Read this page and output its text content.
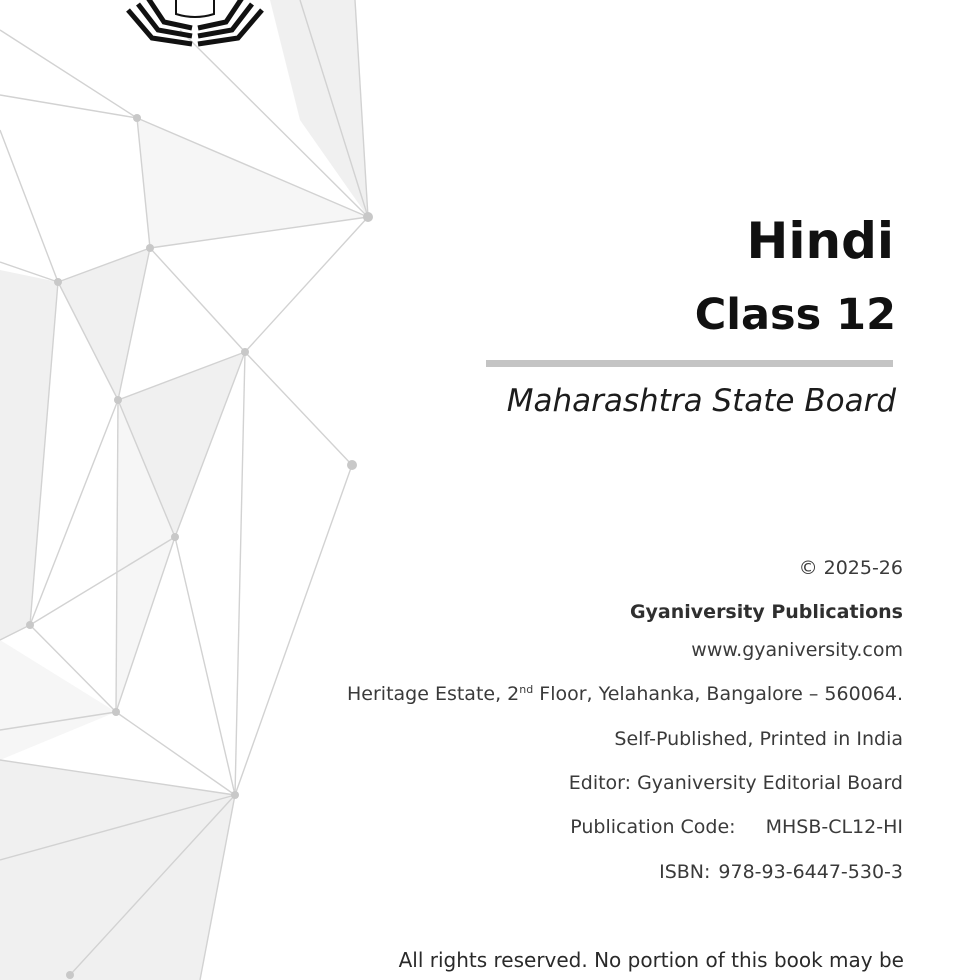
Hindi
Class 12
Maharashtra State Board
© 2025-26
Gyaniversity Publications
www.gyaniversity.com
Heritage Estate, 2nd Floor, Yelahanka, Bangalore – 560064.
Self-Published, Printed in India
Editor: Gyaniversity Editorial Board
Publication Code: MHSB-CL12-HI
ISBN: 978-93-6447-530-3
All rights reserved. No portion of this book may be
